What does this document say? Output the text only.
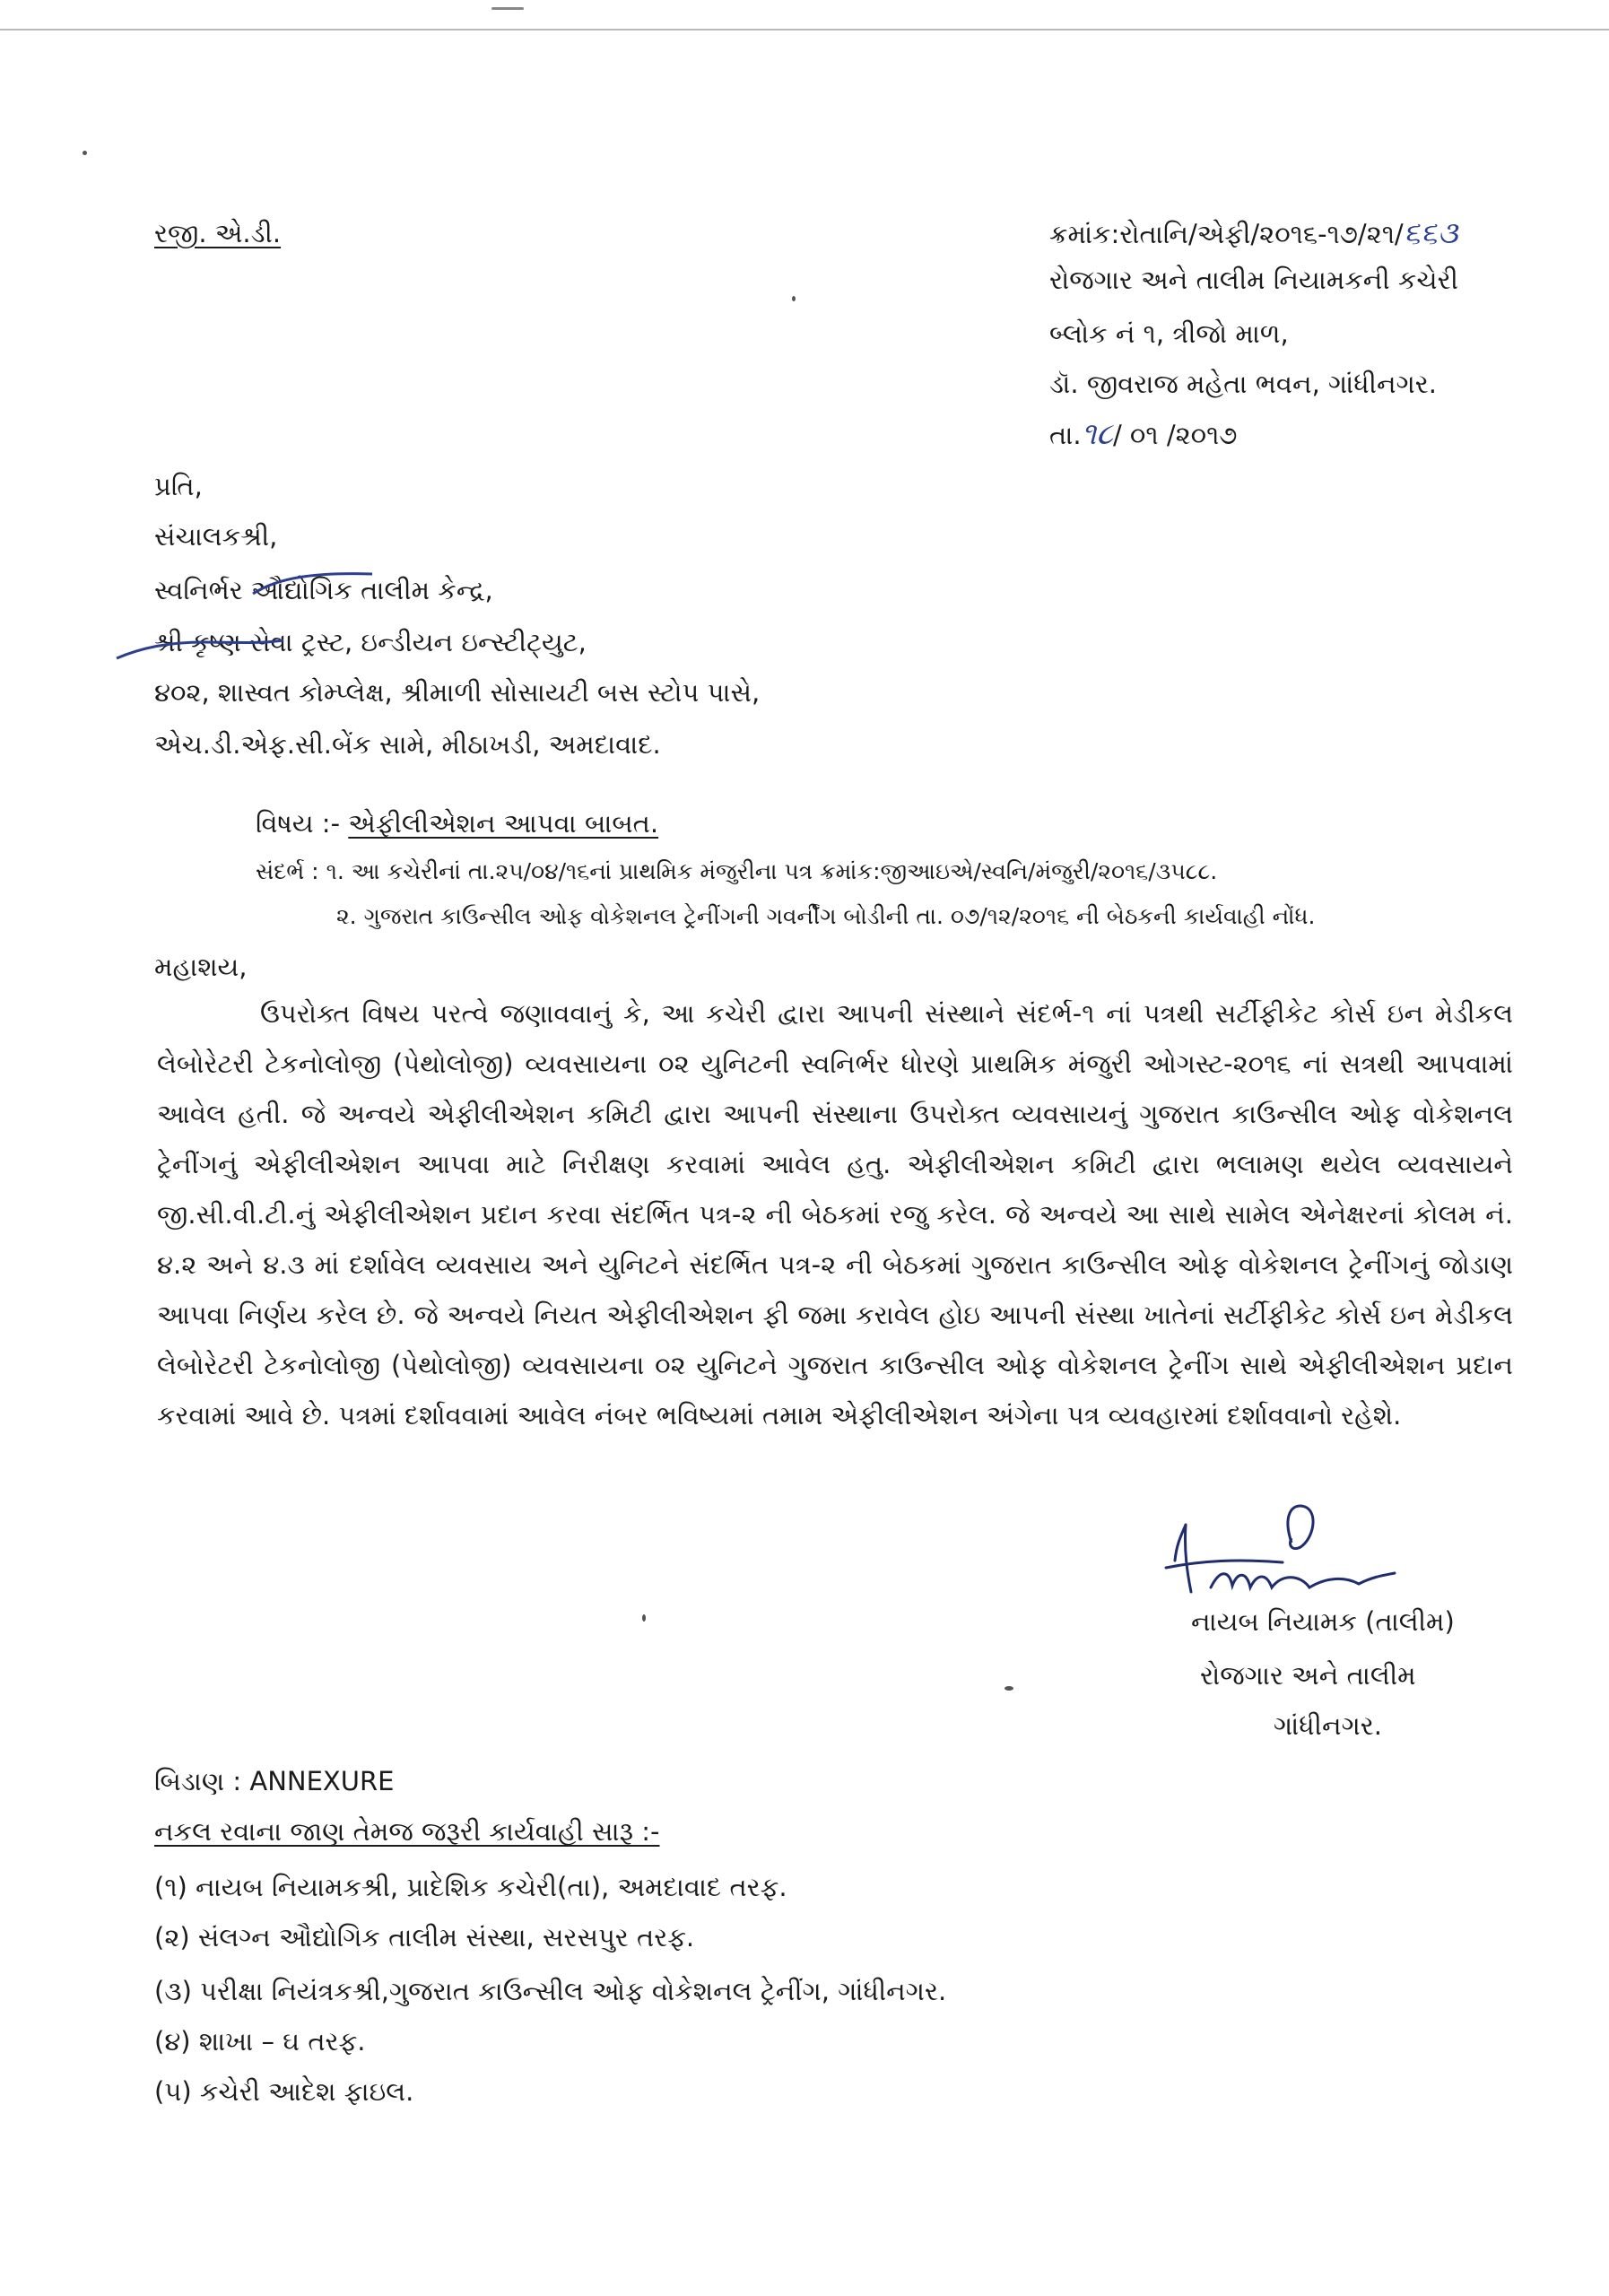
રજી. એ.ડી.	ક્રમાંક:રોતાનિ/એફી/૨૦૧૬-૧૭/૨૧/૬૬૩
રોજગાર અને તાલીમ નિયામકની કચેરી
બ્લોક નં ૧, ત્રીજો માળ,
ડૉ. જીવરાજ મહેતા ભવન, ગાંધીનગર.
તા.૧૮/ ૦૧ /૨૦૧૭
પ્રતિ,
સંચાલકશ્રી,
સ્વનિર્ભર ઔદ્યોગિક તાલીમ કેન્દ્ર,
શ્રી કૃષ્ણ સેવા ટ્રસ્ટ, ઇન્ડીયન ઇન્સ્ટીટ્યુટ,
૪૦૨, શાસ્વત કોમ્પ્લેક્ષ, શ્રીમાળી સોસાયટી બસ સ્ટોપ પાસે,
એચ.ડી.એફ.સી.બેંક સામે, મીઠાખડી, અમદાવાદ.
વિષય :- એફીલીએશન આપવા બાબત.
સંદર્ભ : ૧. આ કચેરીનાં તા.૨૫/૦૪/૧૬નાં પ્રાથમિક મંજુરીના પત્ર ક્રમાંક:જીઆઇએ/સ્વનિ/મંજુરી/૨૦૧૬/૩૫૮૮.
૨. ગુજરાત કાઉન્સીલ ઓફ વોકેશનલ ટ્રેનીંગની ગવર્નીંગ બોડીની તા. ૦૭/૧૨/૨૦૧૬ ની બેઠકની કાર્યવાહી નોંધ.
મહાશય,
ઉપરોક્ત વિષય પરત્વે જણાવવાનું કે, આ કચેરી દ્વારા આપની સંસ્થાને સંદર્ભ-૧ નાં પત્રથી સર્ટીફીકેટ કોર્સ ઇન મેડીકલ લેબોરેટરી ટેકનોલોજી (પેથોલોજી) વ્યવસાયના ૦૨ યુનિટની સ્વનિર્ભર ધોરણે પ્રાથમિક મંજુરી ઓગસ્ટ-૨૦૧૬ નાં સત્રથી આપવામાં આવેલ હતી. જે અન્વયે એફીલીએશન કમિટી દ્વારા આપની સંસ્થાના ઉપરોક્ત વ્યવસાયનું ગુજરાત કાઉન્સીલ ઓફ વોકેશનલ ટ્રેનીંગનું એફીલીએશન આપવા માટે નિરીક્ષણ કરવામાં આવેલ હતુ. એફીલીએશન કમિટી દ્વારા ભલામણ થયેલ વ્યવસાયને જી.સી.વી.ટી.નું એફીલીએશન પ્રદાન કરવા સંદર્ભિત પત્ર-૨ ની બેઠકમાં રજુ કરેલ. જે અન્વયે આ સાથે સામેલ એનેક્ષરનાં કોલમ નં. ૪.૨ અને ૪.૩ માં દર્શાવેલ વ્યવસાય અને યુનિટને સંદર્ભિત પત્ર-૨ ની બેઠકમાં ગુજરાત કાઉન્સીલ ઓફ વોકેશનલ ટ્રેનીંગનું જોડાણ આપવા નિર્ણય કરેલ છે. જે અન્વયે નિયત એફીલીએશન ફી જમા કરાવેલ હોઇ આપની સંસ્થા ખાતેનાં સર્ટીફીકેટ કોર્સ ઇન મેડીકલ લેબોરેટરી ટેકનોલોજી (પેથોલોજી) વ્યવસાયના ૦૨ યુનિટને ગુજરાત કાઉન્સીલ ઓફ વોકેશનલ ટ્રેનીંગ સાથે એફીલીએશન પ્રદાન કરવામાં આવે છે. પત્રમાં દર્શાવવામાં આવેલ નંબર ભવિષ્યમાં તમામ એફીલીએશન અંગેના પત્ર વ્યવહારમાં દર્શાવવાનો રહેશે.
નાયબ નિયામક (તાલીમ)
રોજગાર અને તાલીમ
ગાંધીનગર.
બિડાણ : ANNEXURE
નકલ રવાના જાણ તેમજ જરૂરી કાર્યવાહી સારૂ :-
(૧) નાયબ નિયામકશ્રી, પ્રાદેશિક કચેરી(તા), અમદાવાદ તરફ.
(૨) સંલગ્ન ઔદ્યોગિક તાલીમ સંસ્થા, સરસપુર તરફ.
(૩) પરીક્ષા નિયંત્રકશ્રી,ગુજરાત કાઉન્સીલ ઓફ વોકેશનલ ટ્રેનીંગ, ગાંધીનગર.
(૪) શાખા – ઘ તરફ.
(૫) કચેરી આદેશ ફાઇલ.
